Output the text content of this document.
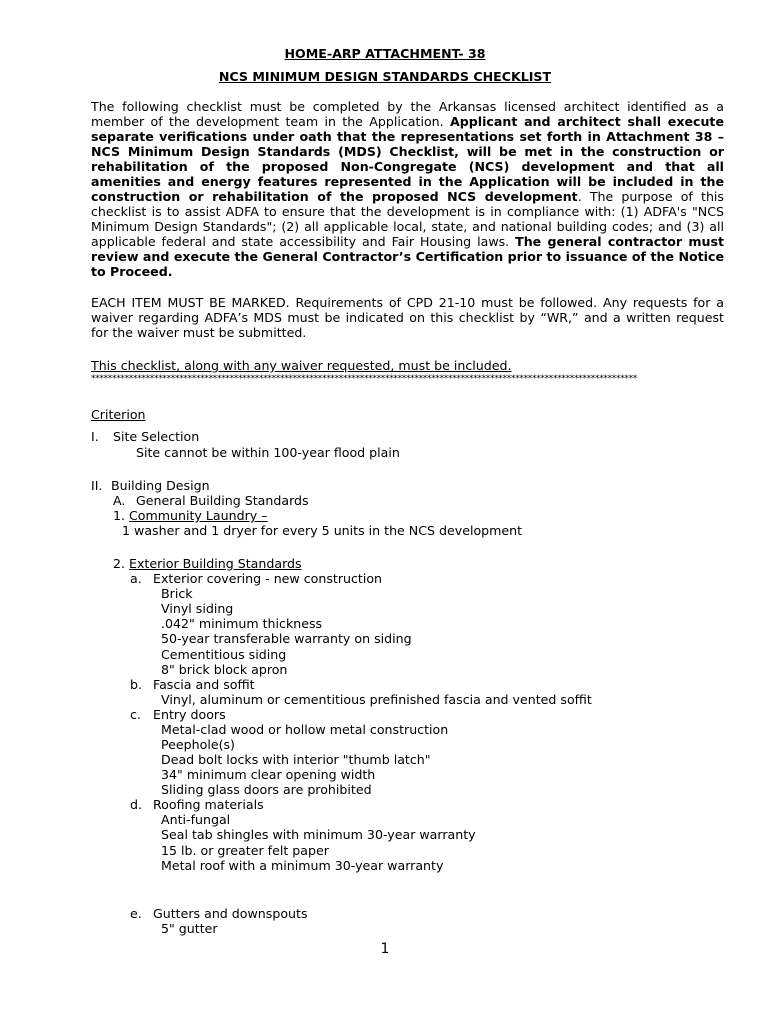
HOME-ARP ATTACHMENT- 38
NCS MINIMUM DESIGN STANDARDS CHECKLIST
The following checklist must be completed by the Arkansas licensed architect identified as a member of the development team in the Application. Applicant and architect shall execute separate verifications under oath that the representations set forth in Attachment 38 – NCS Minimum Design Standards (MDS) Checklist, will be met in the construction or rehabilitation of the proposed Non-Congregate (NCS) development and that all amenities and energy features represented in the Application will be included in the construction or rehabilitation of the proposed NCS development. The purpose of this checklist is to assist ADFA to ensure that the development is in compliance with: (1) ADFA's "NCS Minimum Design Standards"; (2) all applicable local, state, and national building codes; and (3) all applicable federal and state accessibility and Fair Housing laws. The general contractor must review and execute the General Contractor’s Certification prior to issuance of the Notice to Proceed.
EACH ITEM MUST BE MARKED. Requirements of CPD 21-10 must be followed. Any requests for a waiver regarding ADFA’s MDS must be indicated on this checklist by “WR,” and a written request for the waiver must be submitted.
This checklist, along with any waiver requested, must be included.
**********************************************************************************************************************************
Criterion
I. Site Selection
Site cannot be within 100-year flood plain
II. Building Design
A. General Building Standards
1. Community Laundry –
1 washer and 1 dryer for every 5 units in the NCS development
2. Exterior Building Standards
a. Exterior covering - new construction
Brick
Vinyl siding
.042" minimum thickness
50-year transferable warranty on siding
Cementitious siding
8" brick block apron
b. Fascia and soffit
Vinyl, aluminum or cementitious prefinished fascia and vented soffit
c. Entry doors
Metal-clad wood or hollow metal construction
Peephole(s)
Dead bolt locks with interior "thumb latch"
34" minimum clear opening width
Sliding glass doors are prohibited
d. Roofing materials
Anti-fungal
Seal tab shingles with minimum 30-year warranty
15 lb. or greater felt paper
Metal roof with a minimum 30-year warranty
e. Gutters and downspouts
5" gutter
1
